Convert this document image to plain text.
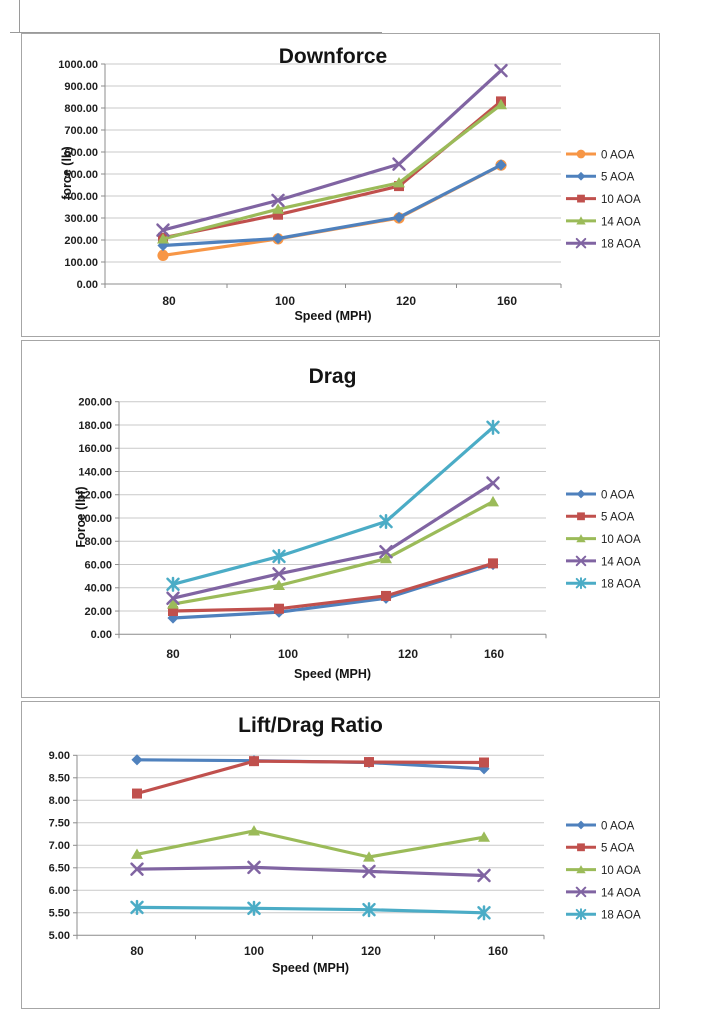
Downforce
force (lb)
Speed (MPH)
0.00
100.00
200.00
300.00
400.00
500.00
600.00
700.00
800.00
900.00
1000.00
80	100	120	160
0 AOA
5 AOA
10 AOA
14 AOA
18 AOA
Drag
Force (lbf)
Speed (MPH)
0.00
20.00
40.00
60.00
80.00
100.00
120.00
140.00
160.00
180.00
200.00
80	100	120	160
0 AOA
5 AOA
10 AOA
14 AOA
18 AOA
Lift/Drag Ratio
Speed (MPH)
5.00
5.50
6.00
6.50
7.00
7.50
8.00
8.50
9.00
80	100	120	160
0 AOA
5 AOA
10 AOA
14 AOA
18 AOA
